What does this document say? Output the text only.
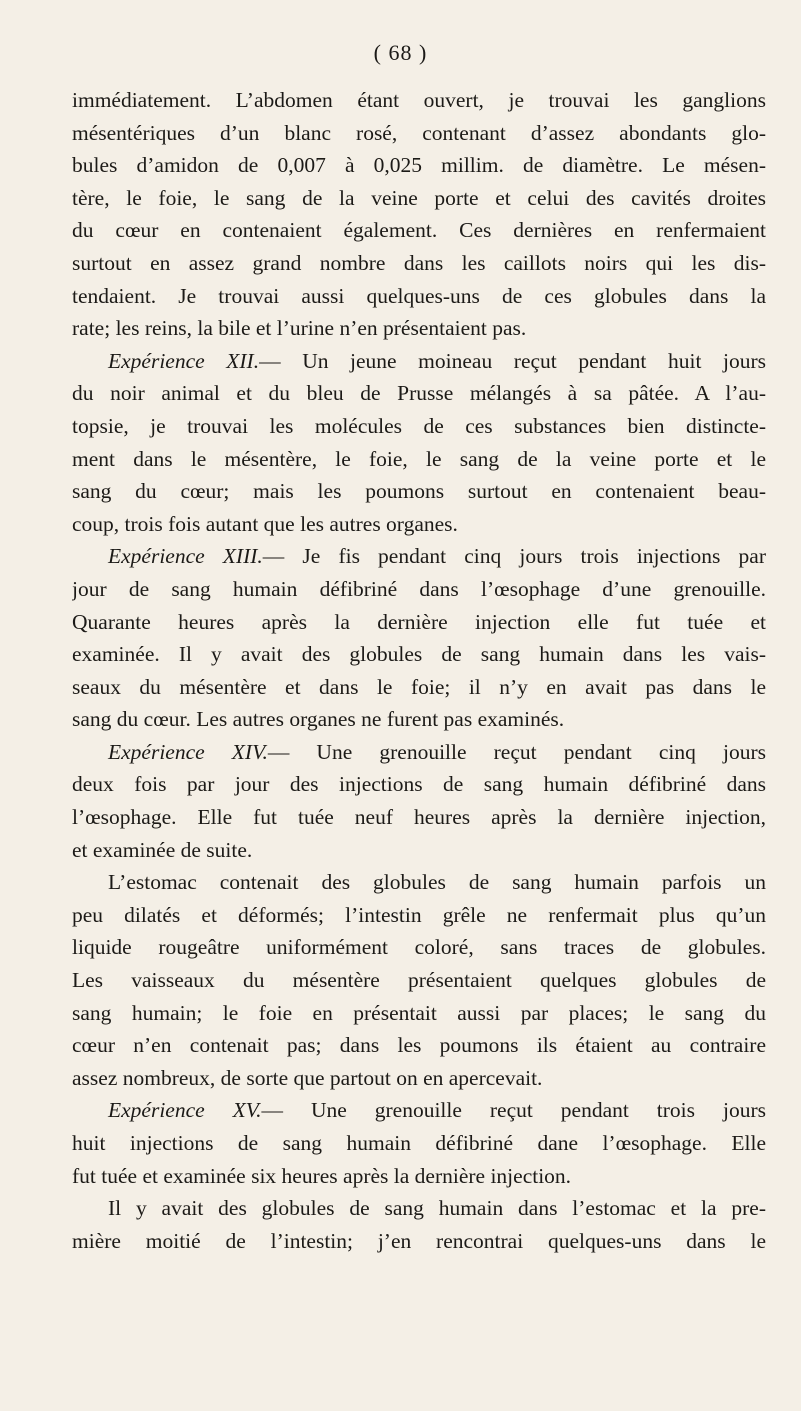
( 68 )
immédiatement. L’abdomen étant ouvert, je trouvai les ganglions
mésentériques d’un blanc rosé, contenant d’assez abondants glo-
bules d’amidon de 0,007 à 0,025 millim. de diamètre. Le mésen-
tère, le foie, le sang de la veine porte et celui des cavités droites
du cœur en contenaient également. Ces dernières en renfermaient
surtout en assez grand nombre dans les caillots noirs qui les dis-
tendaient. Je trouvai aussi quelques-uns de ces globules dans la
rate; les reins, la bile et l’urine n’en présentaient pas.
Expérience XII.— Un jeune moineau reçut pendant huit jours
du noir animal et du bleu de Prusse mélangés à sa pâtée. A l’au-
topsie, je trouvai les molécules de ces substances bien distincte-
ment dans le mésentère, le foie, le sang de la veine porte et le
sang du cœur; mais les poumons surtout en contenaient beau-
coup, trois fois autant que les autres organes.
Expérience XIII.— Je fis pendant cinq jours trois injections par
jour de sang humain défibriné dans l’œsophage d’une grenouille.
Quarante heures après la dernière injection elle fut tuée et
examinée. Il y avait des globules de sang humain dans les vais-
seaux du mésentère et dans le foie; il n’y en avait pas dans le
sang du cœur. Les autres organes ne furent pas examinés.
Expérience XIV.— Une grenouille reçut pendant cinq jours
deux fois par jour des injections de sang humain défibriné dans
l’œsophage. Elle fut tuée neuf heures après la dernière injection,
et examinée de suite.
L’estomac contenait des globules de sang humain parfois un
peu dilatés et déformés; l’intestin grêle ne renfermait plus qu’un
liquide rougeâtre uniformément coloré, sans traces de globules.
Les vaisseaux du mésentère présentaient quelques globules de
sang humain; le foie en présentait aussi par places; le sang du
cœur n’en contenait pas; dans les poumons ils étaient au contraire
assez nombreux, de sorte que partout on en apercevait.
Expérience XV.— Une grenouille reçut pendant trois jours
huit injections de sang humain défibriné dane l’œsophage. Elle
fut tuée et examinée six heures après la dernière injection.
Il y avait des globules de sang humain dans l’estomac et la pre-
mière moitié de l’intestin; j’en rencontrai quelques-uns dans le
